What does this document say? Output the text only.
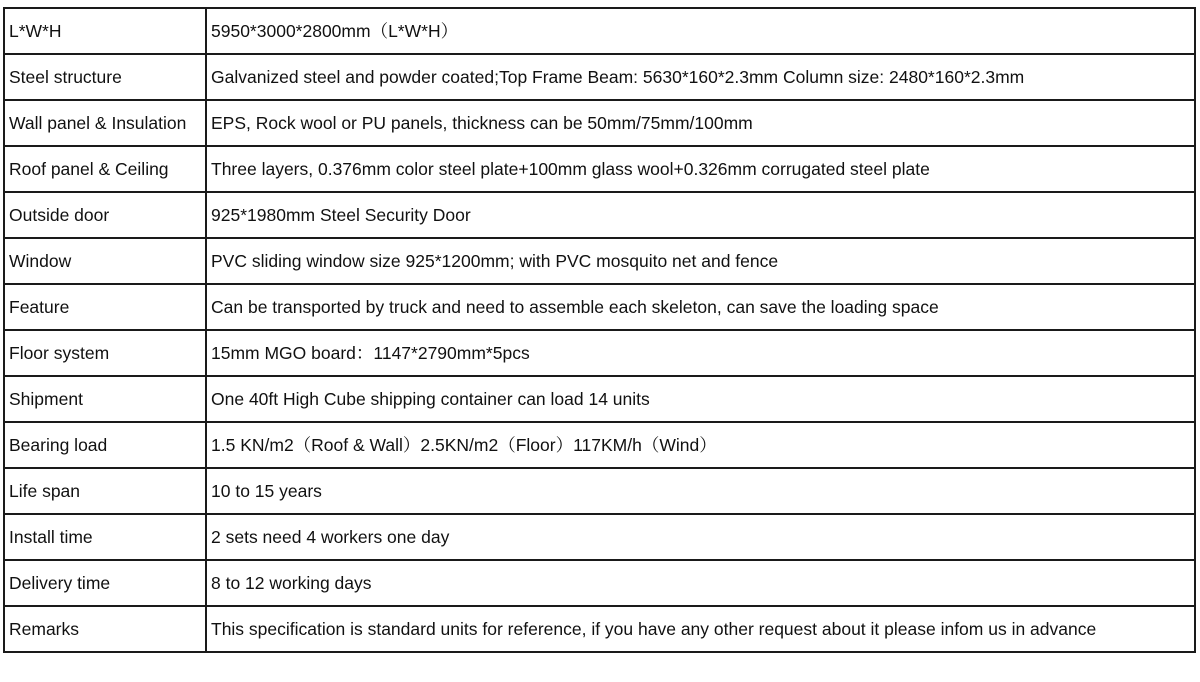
L*W*H	5950*3000*2800mm（L*W*H）
Steel structure	Galvanized steel and powder coated;Top Frame Beam: 5630*160*2.3mm Column size: 2480*160*2.3mm
Wall panel & Insulation	EPS, Rock wool or PU panels, thickness can be 50mm/75mm/100mm
Roof panel & Ceiling	Three layers, 0.376mm color steel plate+100mm glass wool+0.326mm corrugated steel plate
Outside door	925*1980mm Steel Security Door
Window	PVC sliding window size 925*1200mm; with PVC mosquito net and fence
Feature	Can be transported by truck and need to assemble each skeleton, can save the loading space
Floor system	15mm MGO board：1147*2790mm*5pcs
Shipment	One 40ft High Cube shipping container can load 14 units
Bearing load	1.5 KN/m2（Roof & Wall）2.5KN/m2（Floor）117KM/h（Wind）
Life span	10 to 15 years
Install time	2 sets need 4 workers one day
Delivery time	8 to 12 working days
Remarks	This specification is standard units for reference, if you have any other request about it please infom us in advance
